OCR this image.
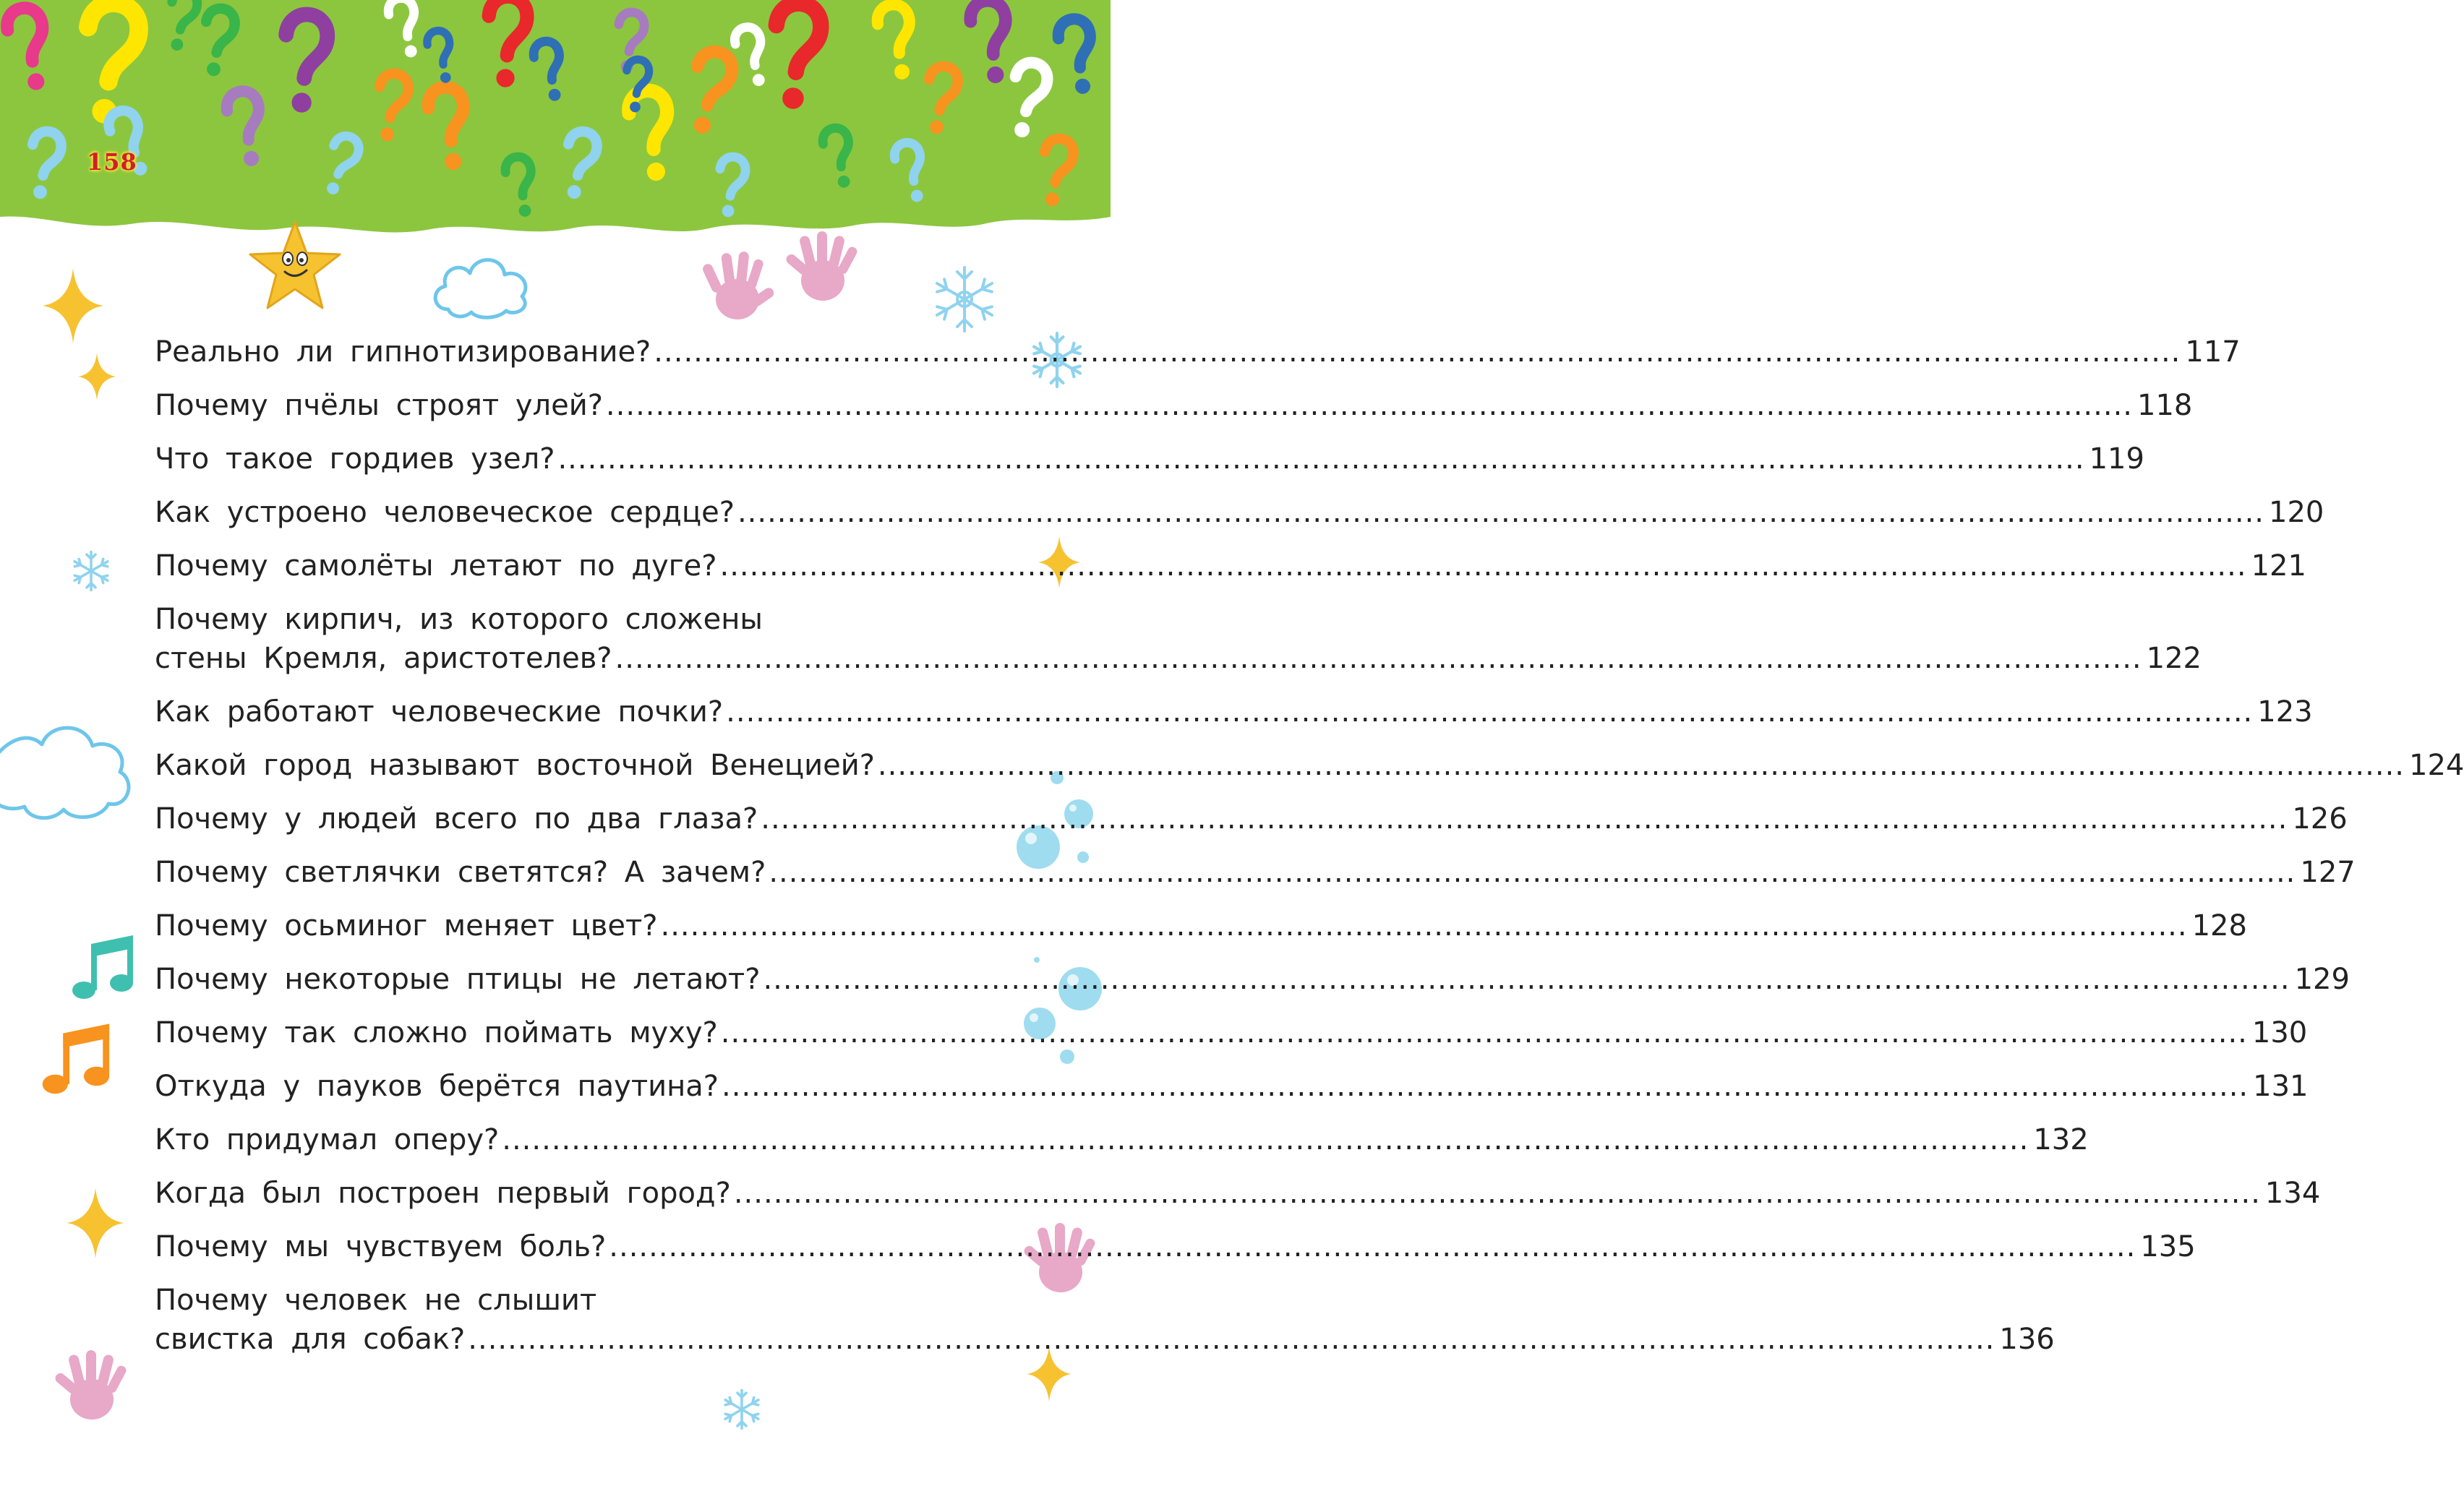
158
Реально ли гипнотизирование? .......................................................................................................................................................... 117
Почему пчёлы строят улей? .......................................................................................................................................................... 118
Что такое гордиев узел? .......................................................................................................................................................... 119
Как устроено человеческое сердце? .......................................................................................................................................................... 120
Почему самолёты летают по дуге? .......................................................................................................................................................... 121
Почему кирпич, из которого сложены
стены Кремля, аристотелев? .......................................................................................................................................................... 122
Как работают человеческие почки? .......................................................................................................................................................... 123
Какой город называют восточной Венецией? .......................................................................................................................................................... 124
Почему у людей всего по два глаза? .......................................................................................................................................................... 126
Почему светлячки светятся? А зачем? .......................................................................................................................................................... 127
Почему осьминог меняет цвет? .......................................................................................................................................................... 128
Почему некоторые птицы не летают? .......................................................................................................................................................... 129
Почему так сложно поймать муху? .......................................................................................................................................................... 130
Откуда у пауков берётся паутина? .......................................................................................................................................................... 131
Кто придумал оперу? .......................................................................................................................................................... 132
Когда был построен первый город? .......................................................................................................................................................... 134
Почему мы чувствуем боль? .......................................................................................................................................................... 135
Почему человек не слышит
свистка для собак? .......................................................................................................................................................... 136
